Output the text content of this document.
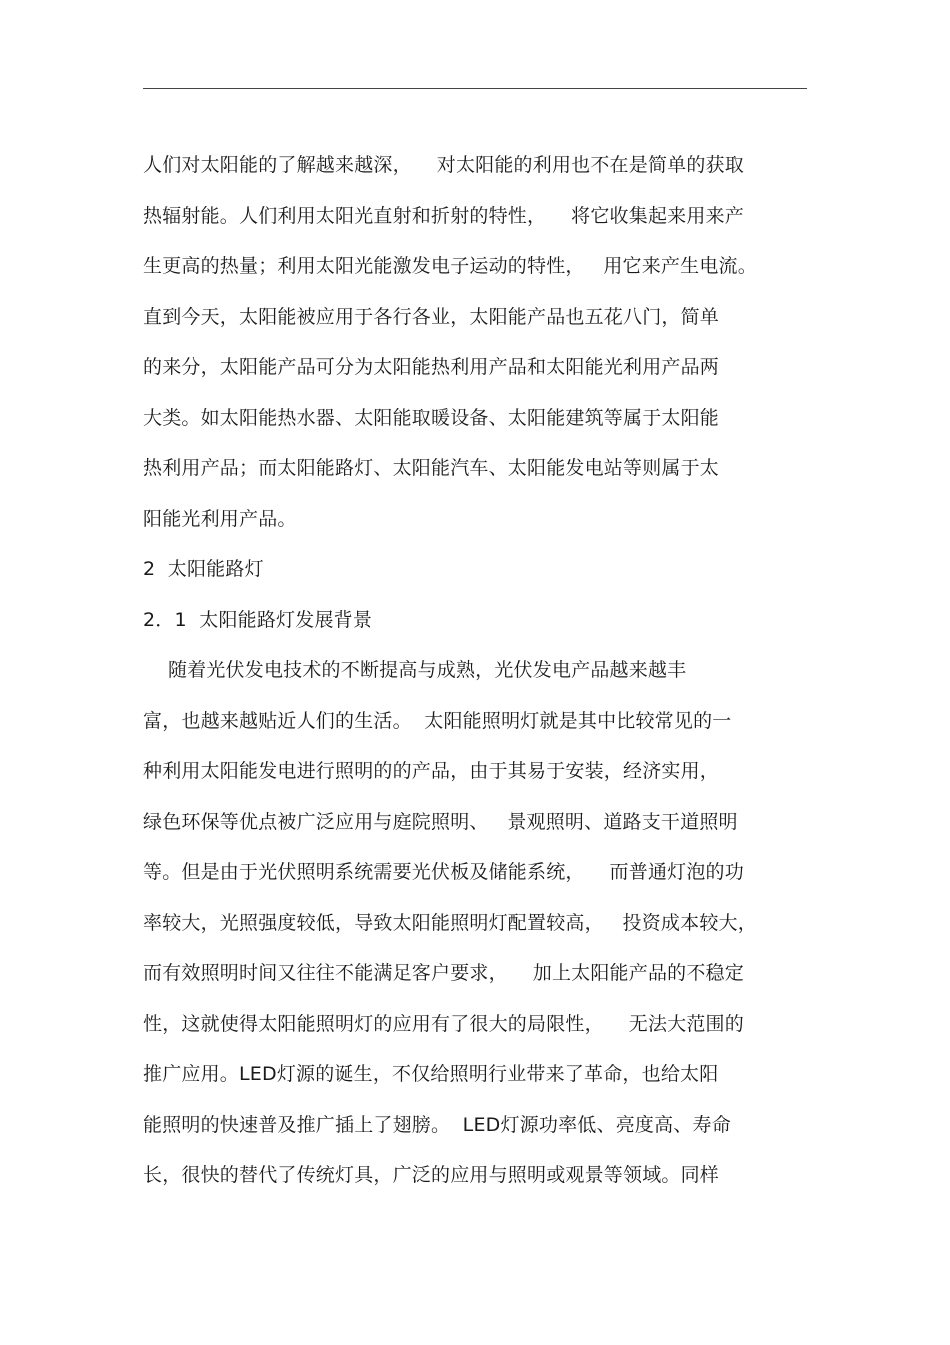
人们对太阳能的了解越来越深，    对太阳能的利用也不在是简单的获取
热辐射能。人们利用太阳光直射和折射的特性，    将它收集起来用来产
生更高的热量；利用太阳光能激发电子运动的特性，   用它来产生电流。
直到今天，太阳能被应用于各行各业，太阳能产品也五花八门，简单
的来分，太阳能产品可分为太阳能热利用产品和太阳能光利用产品两
大类。如太阳能热水器、太阳能取暖设备、太阳能建筑等属于太阳能
热利用产品；而太阳能路灯、太阳能汽车、太阳能发电站等则属于太
阳能光利用产品。
2  太阳能路灯
2．1  太阳能路灯发展背景
随着光伏发电技术的不断提高与成熟，光伏发电产品越来越丰
富，也越来越贴近人们的生活。  太阳能照明灯就是其中比较常见的一
种利用太阳能发电进行照明的的产品，由于其易于安装，经济实用，
绿色环保等优点被广泛应用与庭院照明、   景观照明、道路支干道照明
等。但是由于光伏照明系统需要光伏板及储能系统，    而普通灯泡的功
率较大，光照强度较低，导致太阳能照明灯配置较高，   投资成本较大，
而有效照明时间又往往不能满足客户要求，    加上太阳能产品的不稳定
性，这就使得太阳能照明灯的应用有了很大的局限性，    无法大范围的
推广应用。LED灯源的诞生，不仅给照明行业带来了革命，也给太阳
能照明的快速普及推广插上了翅膀。  LED灯源功率低、亮度高、寿命
长，很快的替代了传统灯具，广泛的应用与照明或观景等领域。同样
